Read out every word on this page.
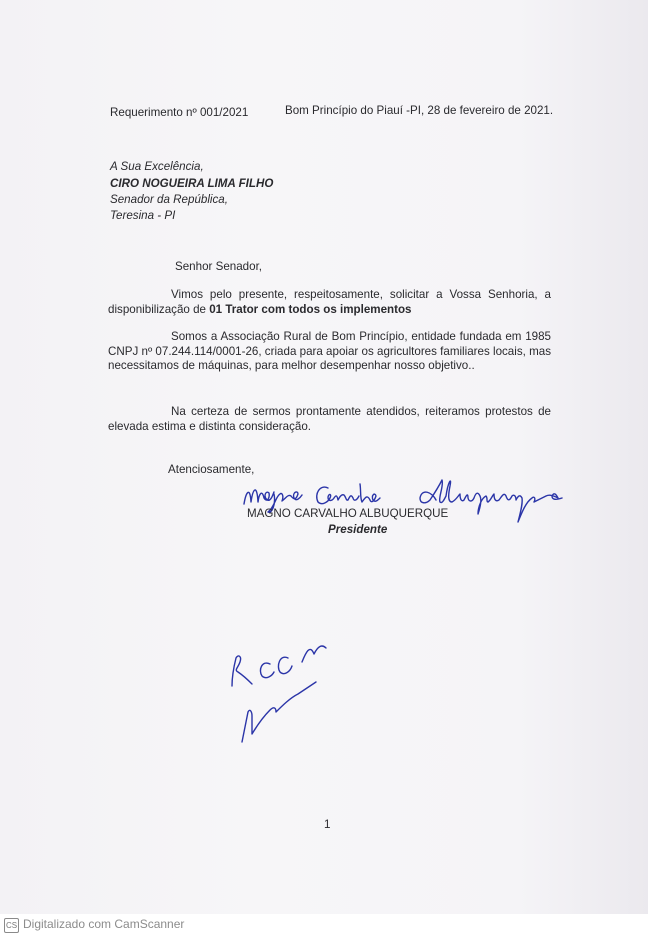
Requerimento nº 001/2021	Bom Princípio do Piauí -PI, 28 de fevereiro de 2021.
A Sua Excelência,
CIRO NOGUEIRA LIMA FILHO
Senador da República,
Teresina - PI
Senhor Senador,
Vimos pelo presente, respeitosamente, solicitar a Vossa Senhoria, a disponibilização de 01 Trator com todos os implementos
Somos a Associação Rural de Bom Princípio, entidade fundada em 1985 CNPJ nº 07.244.114/0001-26, criada para apoiar os agricultores familiares locais, mas necessitamos de máquinas, para melhor desempenhar nosso objetivo..
Na certeza de sermos prontamente atendidos, reiteramos protestos de elevada estima e distinta consideração.
Atenciosamente,
MAGNO CARVALHO ALBUQUERQUE
Presidente
1
CS Digitalizado com CamScanner
